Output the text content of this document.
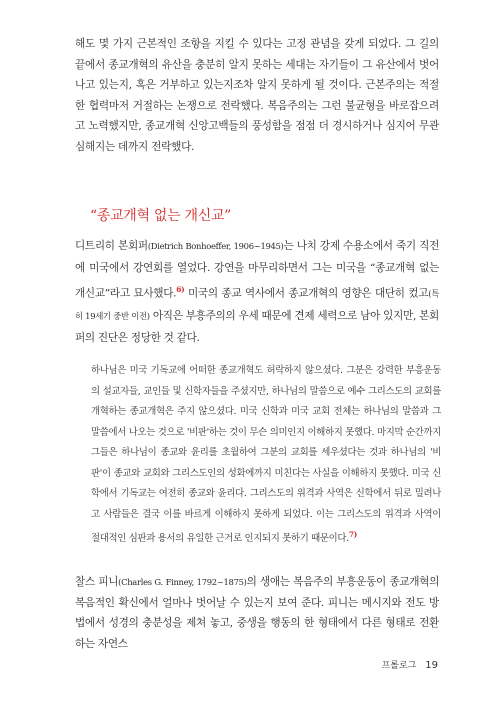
해도 몇 가지 근본적인 조항을 지킬 수 있다는 고정 관념을 갖게 되었다. 그 길의 끝에서 종교개혁의 유산을 충분히 알지 못하는 세대는 자기들이 그 유산에서 벗어나고 있는지, 혹은 거부하고 있는지조차 알지 못하게 될 것이다. 근본주의는 적절한 협력마저 거절하는 논쟁으로 전락했다. 복음주의는 그런 불균형을 바로잡으려고 노력했지만, 종교개혁 신앙고백들의 풍성함을 점점 더 경시하거나 심지어 무관심해지는 데까지 전락했다.

“종교개혁 없는 개신교”

디트리히 본회퍼(Dietrich Bonhoeffer, 1906~1945)는 나치 강제 수용소에서 죽기 직전에 미국에서 강연회를 열었다. 강연을 마무리하면서 그는 미국을 “종교개혁 없는 개신교”라고 묘사했다.$^{6)}$ 미국의 종교 역사에서 종교개혁의 영향은 대단히 컸고(특히 19세기 중반 이전) 아직은 부흥주의의 우세 때문에 견제 세력으로 남아 있지만, 본회퍼의 진단은 정당한 것 같다.

하나님은 미국 기독교에 어떠한 종교개혁도 허락하지 않으셨다. 그분은 강력한 부흥운동의 설교자들, 교인들 및 신학자들을 주셨지만, 하나님의 말씀으로 예수 그리스도의 교회를 개혁하는 종교개혁은 주지 않으셨다. 미국 신학과 미국 교회 전체는 하나님의 말씀과 그 말씀에서 나오는 것으로 '비판'하는 것이 무슨 의미인지 이해하지 못했다. 마지막 순간까지 그들은 하나님이 종교와 윤리를 초월하여 그분의 교회를 세우셨다는 것과 하나님의 '비판'이 종교와 교회와 그리스도인의 성화에까지 미친다는 사실을 이해하지 못했다. 미국 신학에서 기독교는 여전히 종교와 윤리다. 그리스도의 위격과 사역은 신학에서 뒤로 밀려나고 사람들은 결국 이를 바르게 이해하지 못하게 되었다. 이는 그리스도의 위격과 사역이 절대적인 심판과 용서의 유일한 근거로 인지되지 못하기 때문이다.$^{7)}$

찰스 피니(Charles G. Finney, 1792~1875)의 생애는 복음주의 부흥운동이 종교개혁의 복음적인 확신에서 얼마나 벗어날 수 있는지 보여 준다. 피니는 메시지와 전도 방법에서 성경의 충분성을 제쳐 놓고, 중생을 행동의 한 형태에서 다른 형태로 전환하는 자연스

프롤로그 19
